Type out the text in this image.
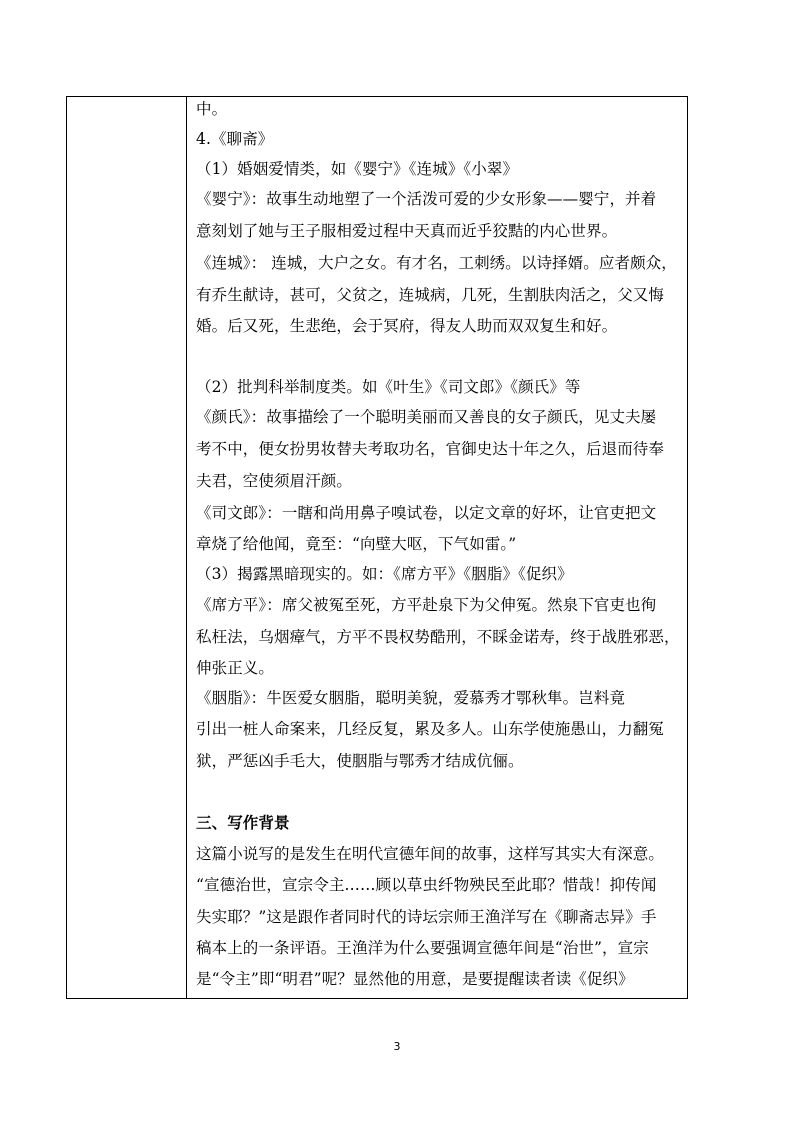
中。
4.《聊斋》
（1）婚姻爱情类，如《婴宁》《连城》《小翠》
《婴宁》：故事生动地塑了一个活泼可爱的少女形象——婴宁，并着
意刻划了她与王子服相爱过程中天真而近乎狡黠的内心世界。
《连城》： 连城，大户之女。有才名，工刺绣。以诗择婿。应者颇众，
有乔生献诗，甚可，父贫之，连城病，几死，生割肤肉活之，父又悔
婚。后又死，生悲绝，会于冥府，得友人助而双双复生和好。
（2）批判科举制度类。如《叶生》《司文郎》《颜氏》等
《颜氏》：故事描绘了一个聪明美丽而又善良的女子颜氏，见丈夫屡
考不中，便女扮男妆替夫考取功名，官御史达十年之久，后退而待奉
夫君，空使须眉汗颜。
《司文郎》：一瞎和尚用鼻子嗅试卷，以定文章的好坏，让官吏把文
章烧了给他闻，竟至：“向壁大呕，下气如雷。”
（3）揭露黑暗现实的。如：《席方平》《胭脂》《促织》
《席方平》：席父被冤至死，方平赴泉下为父伸冤。然泉下官吏也徇
私枉法，乌烟瘴气，方平不畏权势酷刑，不睬金诺寿，终于战胜邪恶，
伸张正义。
《胭脂》：牛医爱女胭脂，聪明美貌，爱慕秀才鄂秋隼。岂料竟
引出一桩人命案来，几经反复，累及多人。山东学使施愚山，力翻冤
狱，严惩凶手毛大，使胭脂与鄂秀才结成伉俪。
三、写作背景
这篇小说写的是发生在明代宣德年间的故事，这样写其实大有深意。
“宣德治世，宣宗令主……顾以草虫纤物殃民至此耶？惜哉！抑传闻
失实耶？”这是跟作者同时代的诗坛宗师王渔洋写在《聊斋志异》手
稿本上的一条评语。王渔洋为什么要强调宣德年间是“治世”，宣宗
是“令主”即“明君”呢？显然他的用意，是要提醒读者读《促织》
3
